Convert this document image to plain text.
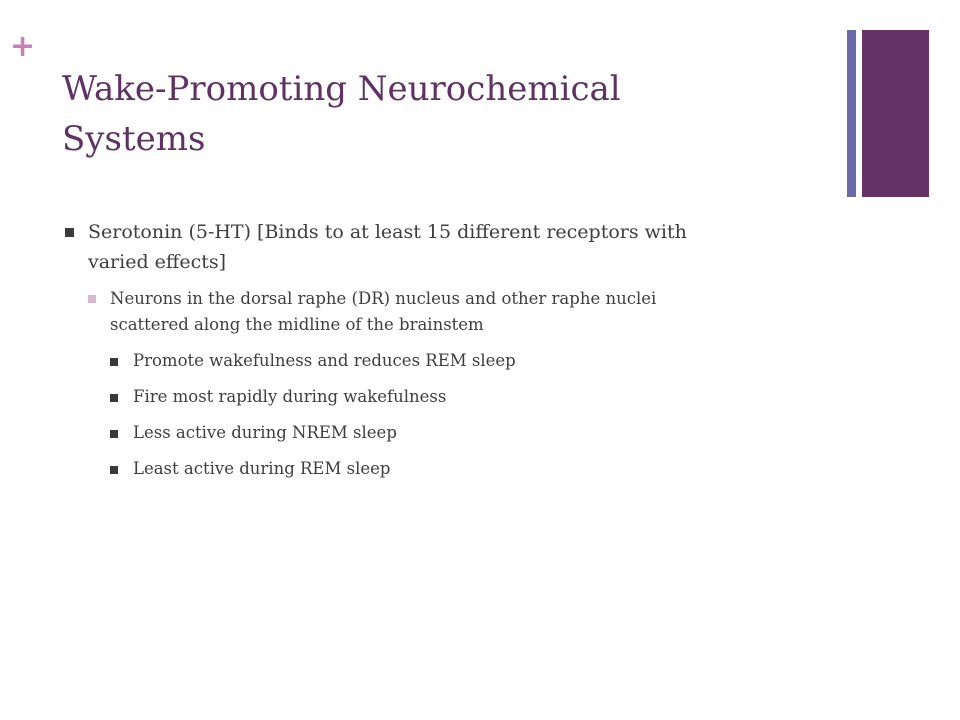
+
Wake-Promoting Neurochemical
Systems
Serotonin (5-HT) [Binds to at least 15 different receptors with
varied effects]
Neurons in the dorsal raphe (DR) nucleus and other raphe nuclei
scattered along the midline of the brainstem
Promote wakefulness and reduces REM sleep
Fire most rapidly during wakefulness
Less active during NREM sleep
Least active during REM sleep
